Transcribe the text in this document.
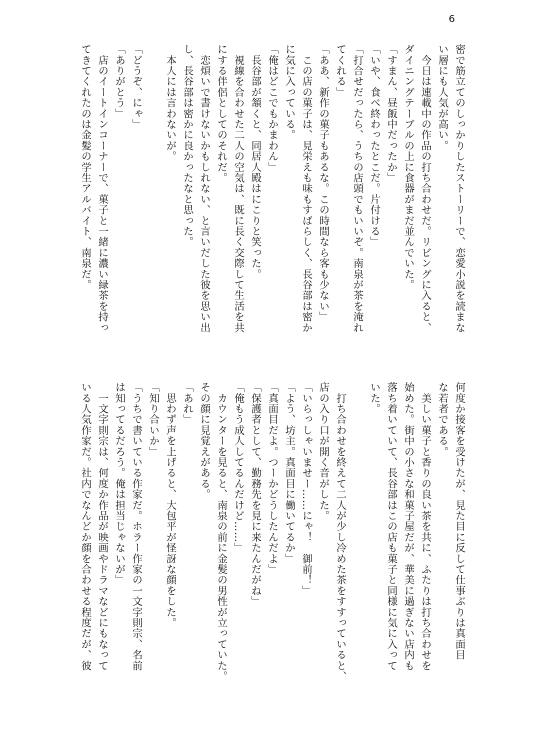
6
密で筋立てのしっかりしたストーリーで、恋愛小説を読まな
い層にも人気が高い。
　今日は連載中の作品の打ち合わせだ。リビングに入ると、
ダイニングテーブルの上に食器がまだ並んでいた。
「すまん、昼飯中だったか」
「いや、食べ終わったとこだ。片付ける」
「打合せだったら、うちの店頭でもいいぞ。南泉が茶を淹れ
てくれる」
「ああ、新作の菓子もあるな。この時間なら客も少ない」
　この店の菓子は、見栄えも味もすばらしく、長谷部は密か
に気に入っている。
「俺はどこでもかまわん」
　長谷部が頷くと、同居人殿はにこりと笑った。
　視線を合わせた二人の空気は、既に長く交際して生活を共
にする伴侶としてのそれだ。
　恋煩いで書けないかもしれない、と言いだした彼を思い出
し、長谷部は密かに良かったなと思った。
　本人には言わないが。

「どうぞ、にゃ」
「ありがとう」
　店のイートインコーナーで、菓子と一緒に濃い緑茶を持っ
てきてくれたのは金髪の学生アルバイト、南泉だ。
何度か接客を受けたが、見た目に反して仕事ぶりは真面目
な若者である。
　美しい菓子と香りの良い茶を共に、ふたりは打ち合わせを
始めた。街中の小さな和菓子屋だが、華美に過ぎない店内も
落ち着いていて、長谷部はこの店も菓子と同様に気に入って
いた。

　打ち合わせを終えて二人が少し冷めた茶をすすっていると、
店の入り口が開く音がした。
「いらっしゃいませー……にゃ！　御前！」
「よう、坊主。真面目に働いてるか」
「真面目だよ。つーかどうしたんだよ」
「保護者として、勤務先を見に来たんだがね」
「俺もう成人してるんだけど……」
　カウンターを見ると、南泉の前に金髪の男性が立っていた。
その顔に見覚えがある。
「あれ」
　思わず声を上げると、大包平が怪訝な顔をした。
「知り合いか」
「うちで書いている作家だ。ホラー作家の一文字則宗、名前
は知ってるだろう。俺は担当じゃないが」
　一文字則宗は、何度か作品が映画やドラマなどにもなって
いる人気作家だ。社内でなんどか顔を合わせる程度だが、彼
